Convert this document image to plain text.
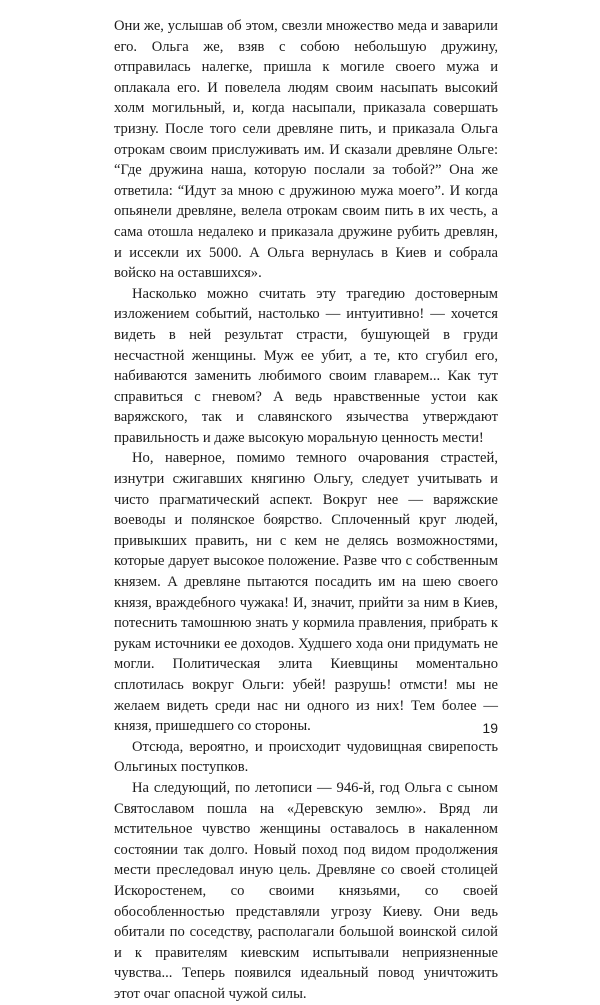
Они же, услышав об этом, свезли множество меда и заварили его. Ольга же, взяв с собою небольшую дружину, отправилась налегке, пришла к могиле своего мужа и оплакала его. И повелела людям своим насыпать высокий холм могильный, и, когда насыпали, приказала совершать тризну. После того сели древляне пить, и приказала Ольга отрокам своим прислуживать им. И сказали древляне Ольге: “Где дружина наша, которую послали за тобой?” Она же ответила: “Идут за мною с дружиною мужа моего”. И когда опьянели древляне, велела отрокам своим пить в их честь, а сама отошла недалеко и приказала дружине рубить древлян, и иссекли их 5000. А Ольга вернулась в Киев и собрала войско на оставшихся».

Насколько можно считать эту трагедию достоверным изложением событий, настолько — интуитивно! — хочется видеть в ней результат страсти, бушующей в груди несчастной женщины. Муж ее убит, а те, кто сгубил его, набиваются заменить любимого своим главарем... Как тут справиться с гневом? А ведь нравственные устои как варяжского, так и славянского язычества утверждают правильность и даже высокую моральную ценность мести!

Но, наверное, помимо темного очарования страстей, изнутри сжигавших княгиню Ольгу, следует учитывать и чисто прагматический аспект. Вокруг нее — варяжские воеводы и полянское боярство. Сплоченный круг людей, привыкших править, ни с кем не делясь возможностями, которые дарует высокое положение. Разве что с собственным князем. А древляне пытаются посадить им на шею своего князя, враждебного чужака! И, значит, прийти за ним в Киев, потеснить тамошнюю знать у кормила правления, прибрать к рукам источники ее доходов. Худшего хода они придумать не могли. Политическая элита Киевщины моментально сплотилась вокруг Ольги: убей! разрушь! отмсти! мы не желаем видеть среди нас ни одного из них! Тем более — князя, пришедшего со стороны.

Отсюда, вероятно, и происходит чудовищная свирепость Ольгиных поступков.

На следующий, по летописи — 946-й, год Ольга с сыном Святославом пошла на «Деревскую землю». Вряд ли мстительное чувство женщины оставалось в накаленном состоянии так долго. Новый поход под видом продолжения мести преследовал иную цель. Древляне со своей столицей Искоростенем, со своими князьями, со своей обособленностью представляли угрозу Киеву. Они ведь обитали по соседству, располагали большой воинской силой и к правителям киевским испытывали неприязненные чувства... Теперь появился идеальный повод уничтожить этот очаг опасной чужой силы.

19
